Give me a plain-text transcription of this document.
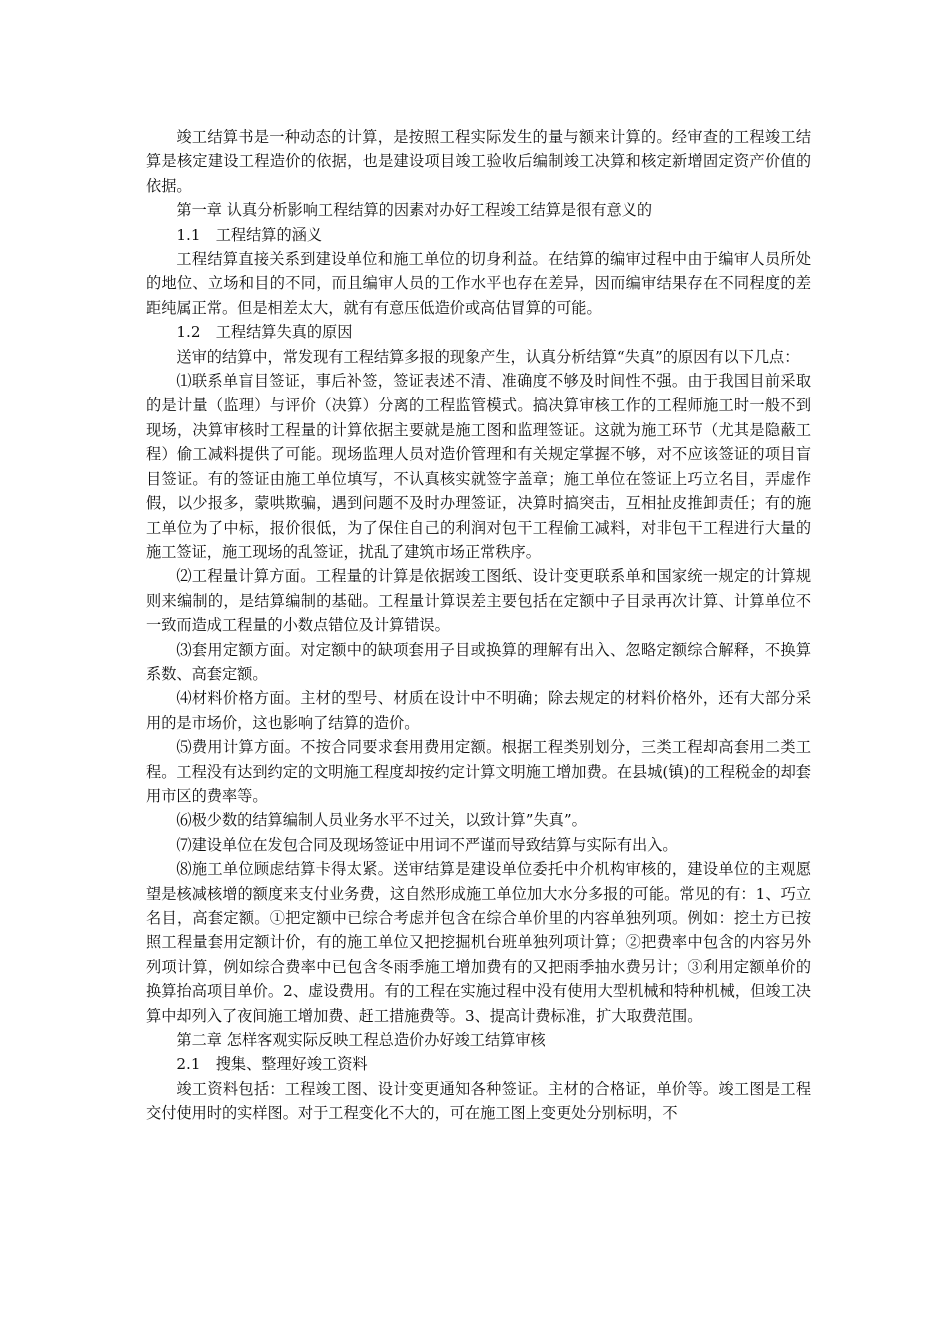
竣工结算书是一种动态的计算，是按照工程实际发生的量与额来计算的。经审查的工程竣工结算是核定建设工程造价的依据，也是建设项目竣工验收后编制竣工决算和核定新增固定资产价值的依据。

第一章 认真分析影响工程结算的因素对办好工程竣工结算是很有意义的

1.1　工程结算的涵义

工程结算直接关系到建设单位和施工单位的切身利益。在结算的编审过程中由于编审人员所处的地位、立场和目的不同，而且编审人员的工作水平也存在差异，因而编审结果存在不同程度的差距纯属正常。但是相差太大，就有有意压低造价或高估冒算的可能。

1.2　工程结算失真的原因

送审的结算中，常发现有工程结算多报的现象产生，认真分析结算“失真”的原因有以下几点：

⑴联系单盲目签证，事后补签，签证表述不清、准确度不够及时间性不强。由于我国目前采取的是计量（监理）与评价（决算）分离的工程监管模式。搞决算审核工作的工程师施工时一般不到现场，决算审核时工程量的计算依据主要就是施工图和监理签证。这就为施工环节（尤其是隐蔽工程）偷工减料提供了可能。现场监理人员对造价管理和有关规定掌握不够，对不应该签证的项目盲目签证。有的签证由施工单位填写，不认真核实就签字盖章；施工单位在签证上巧立名目，弄虚作假，以少报多，蒙哄欺骗，遇到问题不及时办理签证，决算时搞突击，互相扯皮推卸责任；有的施工单位为了中标，报价很低，为了保住自己的利润对包干工程偷工减料，对非包干工程进行大量的施工签证，施工现场的乱签证，扰乱了建筑市场正常秩序。

⑵工程量计算方面。工程量的计算是依据竣工图纸、设计变更联系单和国家统一规定的计算规则来编制的，是结算编制的基础。工程量计算误差主要包括在定额中子目录再次计算、计算单位不一致而造成工程量的小数点错位及计算错误。

⑶套用定额方面。对定额中的缺项套用子目或换算的理解有出入、忽略定额综合解释，不换算系数、高套定额。

⑷材料价格方面。主材的型号、材质在设计中不明确；除去规定的材料价格外，还有大部分采用的是市场价，这也影响了结算的造价。

⑸费用计算方面。不按合同要求套用费用定额。根据工程类别划分，三类工程却高套用二类工程。工程没有达到约定的文明施工程度却按约定计算文明施工增加费。在县城(镇)的工程税金的却套用市区的费率等。

⑹极少数的结算编制人员业务水平不过关，以致计算”失真”。

⑺建设单位在发包合同及现场签证中用词不严谨而导致结算与实际有出入。

⑻施工单位顾虑结算卡得太紧。送审结算是建设单位委托中介机构审核的，建设单位的主观愿望是核减核增的额度来支付业务费，这自然形成施工单位加大水分多报的可能。常见的有：1、巧立名目，高套定额。①把定额中已综合考虑并包含在综合单价里的内容单独列项。例如：挖土方已按照工程量套用定额计价，有的施工单位又把挖掘机台班单独列项计算；②把费率中包含的内容另外列项计算，例如综合费率中已包含冬雨季施工增加费有的又把雨季抽水费另计；③利用定额单价的换算抬高项目单价。2、虚设费用。有的工程在实施过程中没有使用大型机械和特种机械，但竣工决算中却列入了夜间施工增加费、赶工措施费等。3、提高计费标准，扩大取费范围。

第二章 怎样客观实际反映工程总造价办好竣工结算审核

2.1　搜集、整理好竣工资料

竣工资料包括：工程竣工图、设计变更通知各种签证。主材的合格证，单价等。竣工图是工程交付使用时的实样图。对于工程变化不大的，可在施工图上变更处分别标明，不
